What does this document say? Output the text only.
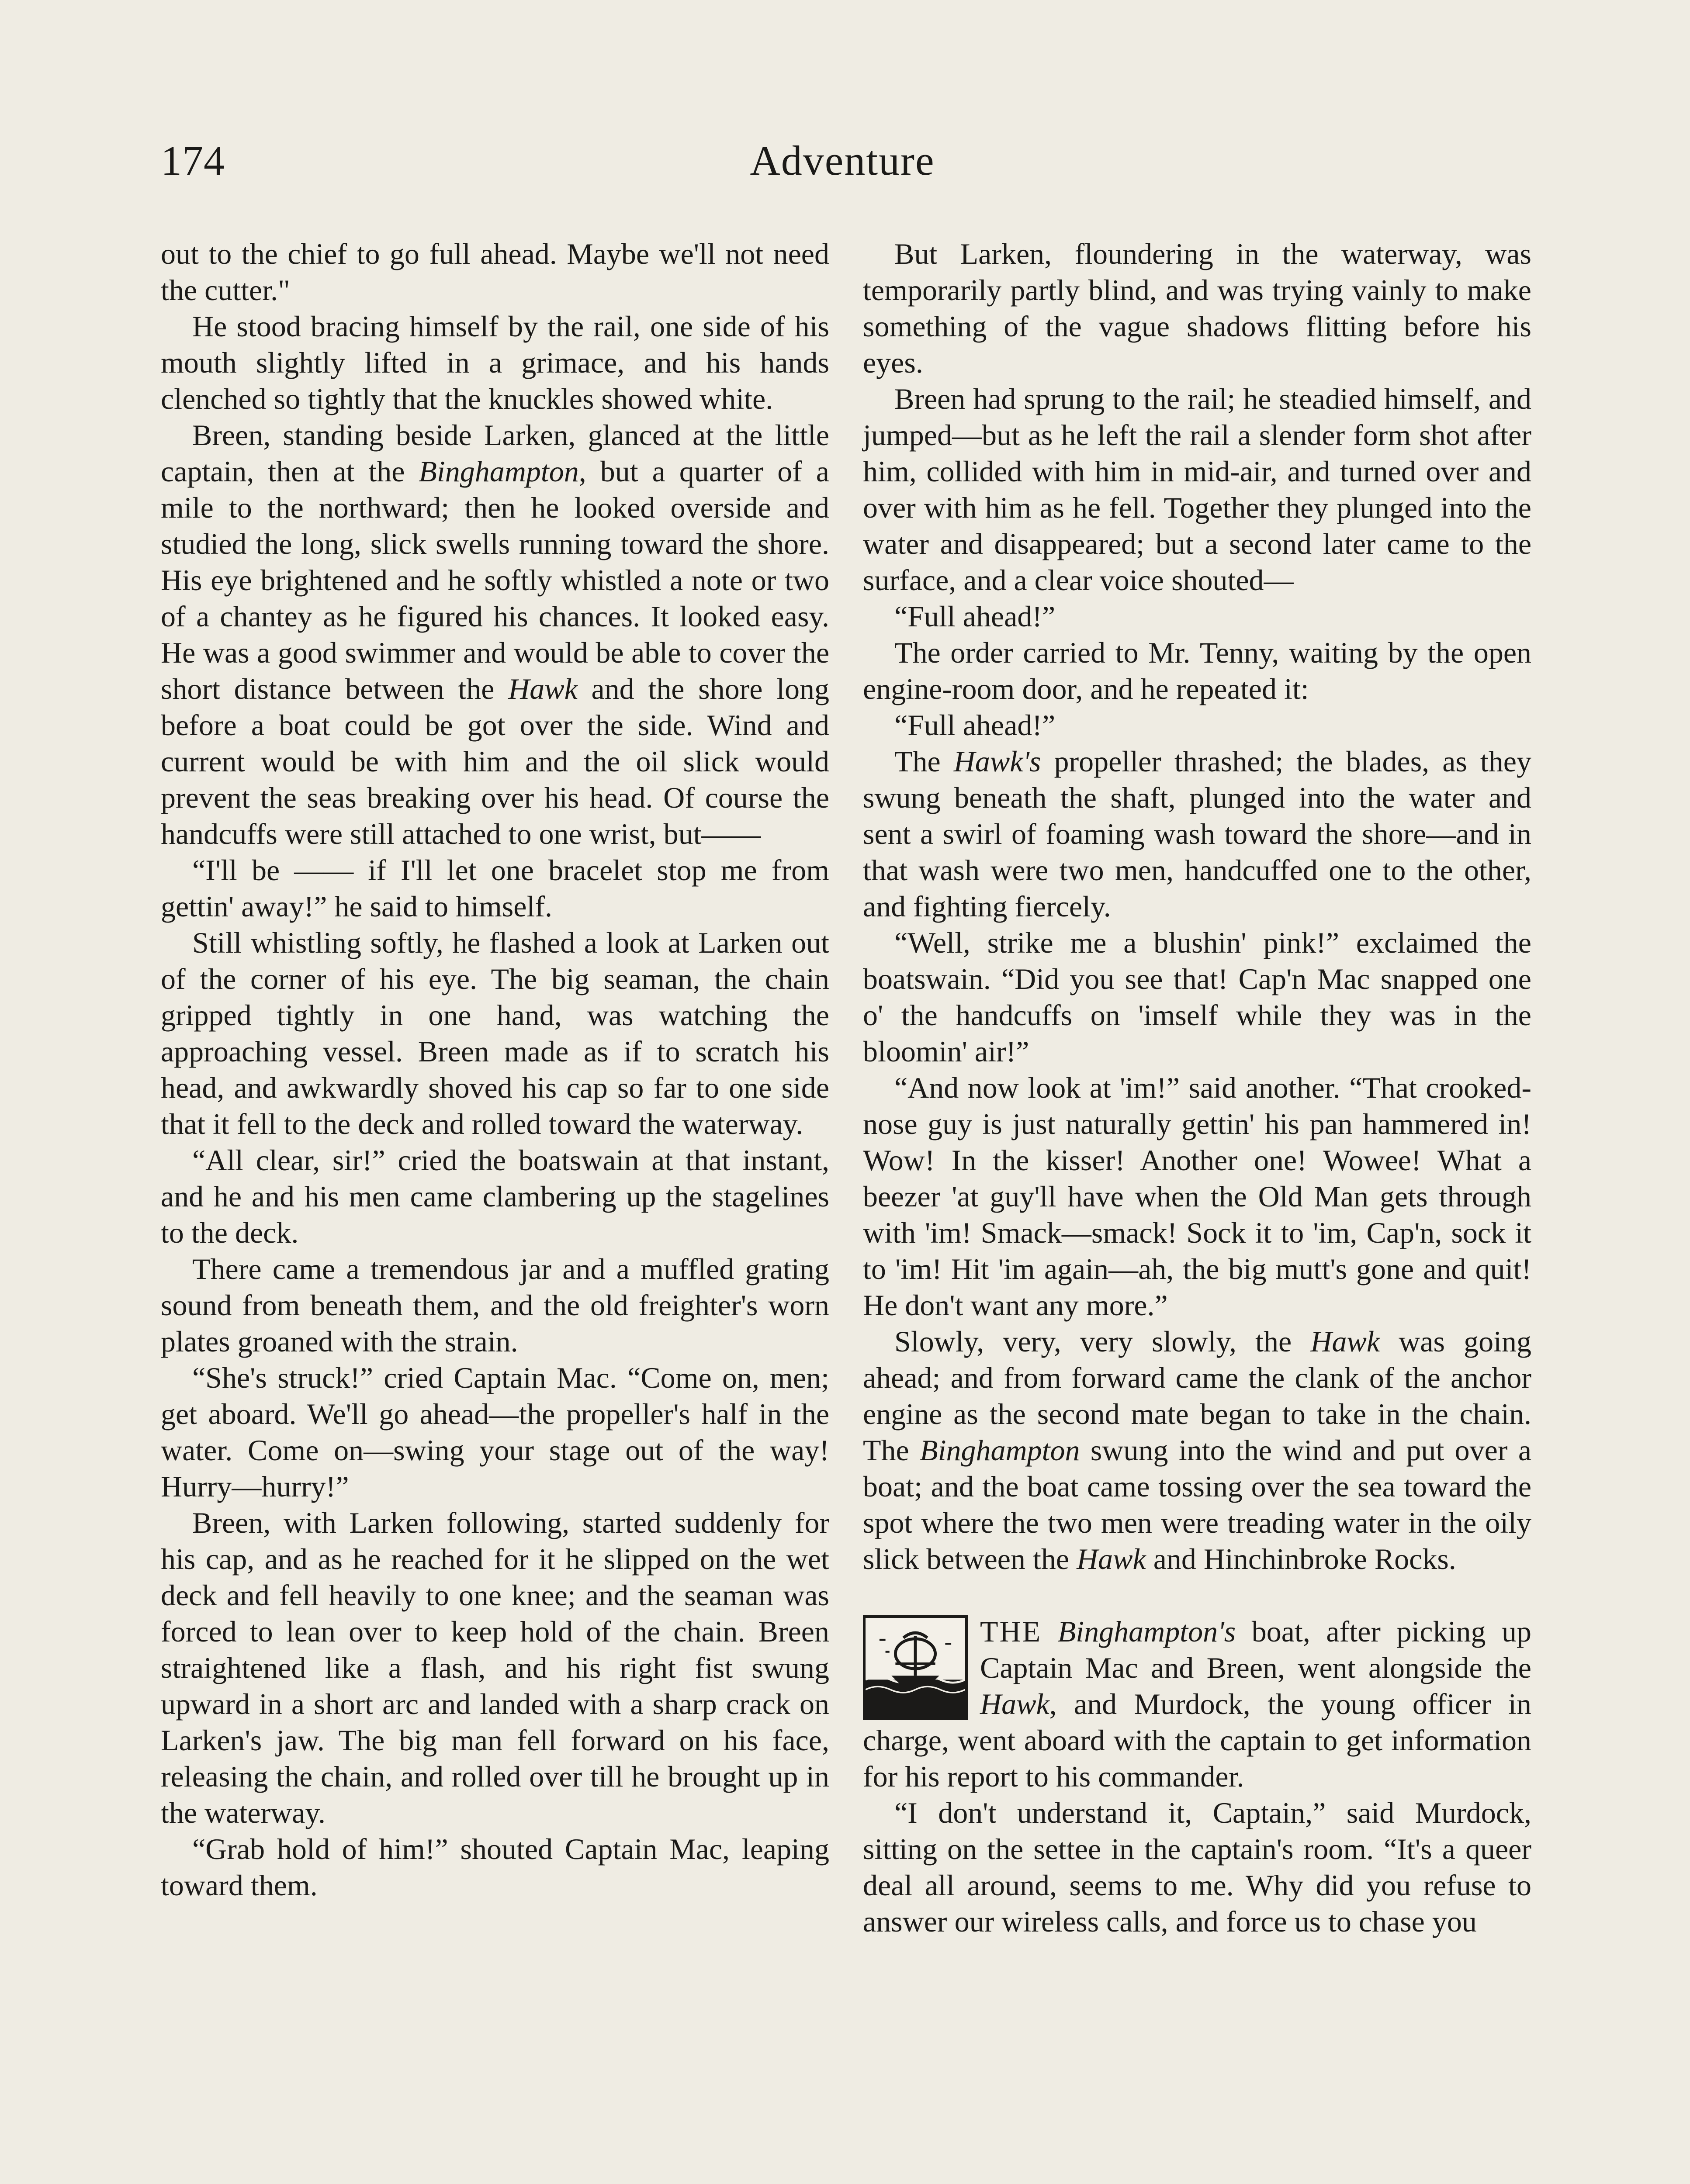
174	Adventure

out to the chief to go full ahead. Maybe we'll not need the cutter."

He stood bracing himself by the rail, one side of his mouth slightly lifted in a grimace, and his hands clenched so tightly that the knuckles showed white.

Breen, standing beside Larken, glanced at the little captain, then at the Binghampton, but a quarter of a mile to the northward; then he looked overside and studied the long, slick swells running toward the shore. His eye brightened and he softly whistled a note or two of a chantey as he figured his chances. It looked easy. He was a good swimmer and would be able to cover the short distance between the Hawk and the shore long before a boat could be got over the side. Wind and current would be with him and the oil slick would prevent the seas breaking over his head. Of course the handcuffs were still attached to one wrist, but——

“I'll be —— if I'll let one bracelet stop me from gettin' away!” he said to himself.

Still whistling softly, he flashed a look at Larken out of the corner of his eye. The big seaman, the chain gripped tightly in one hand, was watching the approaching vessel. Breen made as if to scratch his head, and awkwardly shoved his cap so far to one side that it fell to the deck and rolled toward the waterway.

“All clear, sir!” cried the boatswain at that instant, and he and his men came clambering up the stagelines to the deck.

There came a tremendous jar and a muffled grating sound from beneath them, and the old freighter's worn plates groaned with the strain.

“She's struck!” cried Captain Mac. “Come on, men; get aboard. We'll go ahead—the propeller's half in the water. Come on—swing your stage out of the way! Hurry—hurry!”

Breen, with Larken following, started suddenly for his cap, and as he reached for it he slipped on the wet deck and fell heavily to one knee; and the seaman was forced to lean over to keep hold of the chain. Breen straightened like a flash, and his right fist swung upward in a short arc and landed with a sharp crack on Larken's jaw. The big man fell forward on his face, releasing the chain, and rolled over till he brought up in the waterway.

“Grab hold of him!” shouted Captain Mac, leaping toward them.

But Larken, floundering in the waterway, was temporarily partly blind, and was trying vainly to make something of the vague shadows flitting before his eyes.

Breen had sprung to the rail; he steadied himself, and jumped—but as he left the rail a slender form shot after him, collided with him in mid-air, and turned over and over with him as he fell. Together they plunged into the water and disappeared; but a second later came to the surface, and a clear voice shouted—

“Full ahead!”

The order carried to Mr. Tenny, waiting by the open engine-room door, and he repeated it:

“Full ahead!”

The Hawk's propeller thrashed; the blades, as they swung beneath the shaft, plunged into the water and sent a swirl of foaming wash toward the shore—and in that wash were two men, handcuffed one to the other, and fighting fiercely.

“Well, strike me a blushin' pink!” exclaimed the boatswain. “Did you see that! Cap'n Mac snapped one o' the handcuffs on 'imself while they was in the bloomin' air!”

“And now look at 'im!” said another. “That crooked-nose guy is just naturally gettin' his pan hammered in! Wow! In the kisser! Another one! Wowee! What a beezer 'at guy'll have when the Old Man gets through with 'im! Smack—smack! Sock it to 'im, Cap'n, sock it to 'im! Hit 'im again—ah, the big mutt's gone and quit! He don't want any more.”

Slowly, very, very slowly, the Hawk was going ahead; and from forward came the clank of the anchor engine as the second mate began to take in the chain. The Binghampton swung into the wind and put over a boat; and the boat came tossing over the sea toward the spot where the two men were treading water in the oily slick between the Hawk and Hinchinbroke Rocks.

THE Binghampton's boat, after picking up Captain Mac and Breen, went alongside the Hawk, and Murdock, the young officer in charge, went aboard with the captain to get information for his report to his commander.

“I don't understand it, Captain,” said Murdock, sitting on the settee in the captain's room. “It's a queer deal all around, seems to me. Why did you refuse to answer our wireless calls, and force us to chase you
